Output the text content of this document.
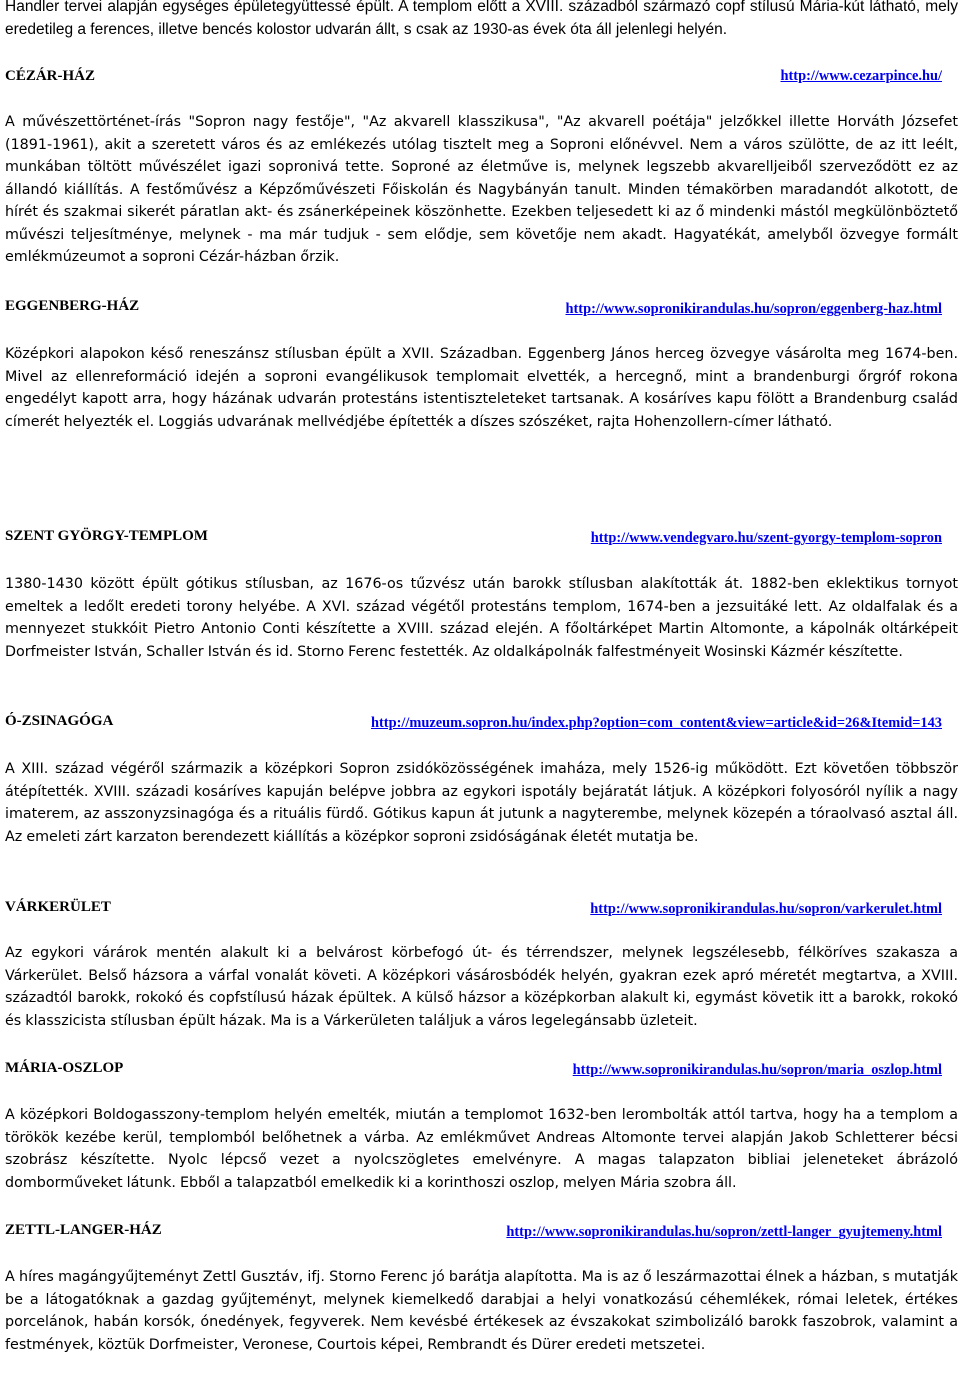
Handler tervei alapján egységes épületegyüttessé épült. A templom előtt a XVIII. századból származó copf stílusú Mária-kút látható, mely eredetileg a ferences, illetve bencés kolostor udvarán állt, s csak az 1930-as évek óta áll jelenlegi helyén.

CÉZÁR-HÁZ	http://www.cezarpince.hu/

A művészettörténet-írás "Sopron nagy festője", "Az akvarell klasszikusa", "Az akvarell poétája" jelzőkkel illette Horváth Józsefet (1891-1961), akit a szeretett város és az emlékezés utólag tisztelt meg a Soproni előnévvel. Nem a város szülötte, de az itt leélt, munkában töltött művészélet igazi sopronivá tette. Soproné az életműve is, melynek legszebb akvarelljeiből szerveződött ez az állandó kiállítás. A festőművész a Képzőművészeti Főiskolán és Nagybányán tanult. Minden témakörben maradandót alkotott, de hírét és szakmai sikerét páratlan akt- és zsánerképeinek köszönhette. Ezekben teljesedett ki az ő mindenki mástól megkülönböztető művészi teljesítménye, melynek - ma már tudjuk - sem elődje, sem követője nem akadt. Hagyatékát, amelyből özvegye formált emlékmúzeumot a soproni Cézár-házban őrzik.

EGGENBERG-HÁZ	http://www.sopronikirandulas.hu/sopron/eggenberg-haz.html

Középkori alapokon késő reneszánsz stílusban épült a XVII. Században. Eggenberg János herceg özvegye vásárolta meg 1674-ben. Mivel az ellenreformáció idején a soproni evangélikusok templomait elvették, a hercegnő, mint a brandenburgi őrgróf rokona engedélyt kapott arra, hogy házának udvarán protestáns istentiszteleteket tartsanak. A kosáríves kapu fölött a Brandenburg család címerét helyezték el. Loggiás udvarának mellvédjébe építették a díszes szószéket, rajta Hohenzollern-címer látható.

SZENT GYÖRGY-TEMPLOM	http://www.vendegvaro.hu/szent-gyorgy-templom-sopron

1380-1430 között épült gótikus stílusban, az 1676-os tűzvész után barokk stílusban alakították át. 1882-ben eklektikus tornyot emeltek a ledőlt eredeti torony helyébe. A XVI. század végétől protestáns templom, 1674-ben a jezsuitáké lett. Az oldalfalak és a mennyezet stukkóit Pietro Antonio Conti készítette a XVIII. század elején. A főoltárképet Martin Altomonte, a kápolnák oltárképeit Dorfmeister István, Schaller István és id. Storno Ferenc festették. Az oldalkápolnák falfestményeit Wosinski Kázmér készítette.

Ó-ZSINAGÓGA	http://muzeum.sopron.hu/index.php?option=com_content&view=article&id=26&Itemid=143

A XIII. század végéről származik a középkori Sopron zsidóközösségének imaháza, mely 1526-ig működött. Ezt követően többször átépítették. XVIII. századi kosáríves kapuján belépve jobbra az egykori ispotály bejáratát látjuk. A középkori folyosóról nyílik a nagy imaterem, az asszonyzsinagóga és a rituális fürdő. Gótikus kapun át jutunk a nagyterembe, melynek közepén a tóraolvasó asztal áll. Az emeleti zárt karzaton berendezett kiállítás a középkor soproni zsidóságának életét mutatja be.

VÁRKERÜLET	http://www.sopronikirandulas.hu/sopron/varkerulet.html

Az egykori várárok mentén alakult ki a belvárost körbefogó út- és térrendszer, melynek legszélesebb, félköríves szakasza a Várkerület. Belső házsora a várfal vonalát követi. A középkori vásárosbódék helyén, gyakran ezek apró méretét megtartva, a XVIII. századtól barokk, rokokó és copfstílusú házak épültek. A külső házsor a középkorban alakult ki, egymást követik itt a barokk, rokokó és klasszicista stílusban épült házak. Ma is a Várkerületen találjuk a város legelegánsabb üzleteit.

MÁRIA-OSZLOP	http://www.sopronikirandulas.hu/sopron/maria_oszlop.html

A középkori Boldogasszony-templom helyén emelték, miután a templomot 1632-ben lerombolták attól tartva, hogy ha a templom a törökök kezébe kerül, templomból belőhetnek a várba. Az emlékművet Andreas Altomonte tervei alapján Jakob Schletterer bécsi szobrász készítette. Nyolc lépcső vezet a nyolcszögletes emelvényre. A magas talapzaton bibliai jeleneteket ábrázoló domborműveket látunk. Ebből a talapzatból emelkedik ki a korinthoszi oszlop, melyen Mária szobra áll.

ZETTL-LANGER-HÁZ	http://www.sopronikirandulas.hu/sopron/zettl-langer_gyujtemeny.html

A híres magángyűjteményt Zettl Gusztáv, ifj. Storno Ferenc jó barátja alapította. Ma is az ő leszármazottai élnek a házban, s mutatják be a látogatóknak a gazdag gyűjteményt, melynek kiemelkedő darabjai a helyi vonatkozású céhemlékek, római leletek, értékes porcelánok, habán korsók, ónedények, fegyverek. Nem kevésbé értékesek az évszakokat szimbolizáló barokk faszobrok, valamint a festmények, köztük Dorfmeister, Veronese, Courtois képei, Rembrandt és Dürer eredeti metszetei.
